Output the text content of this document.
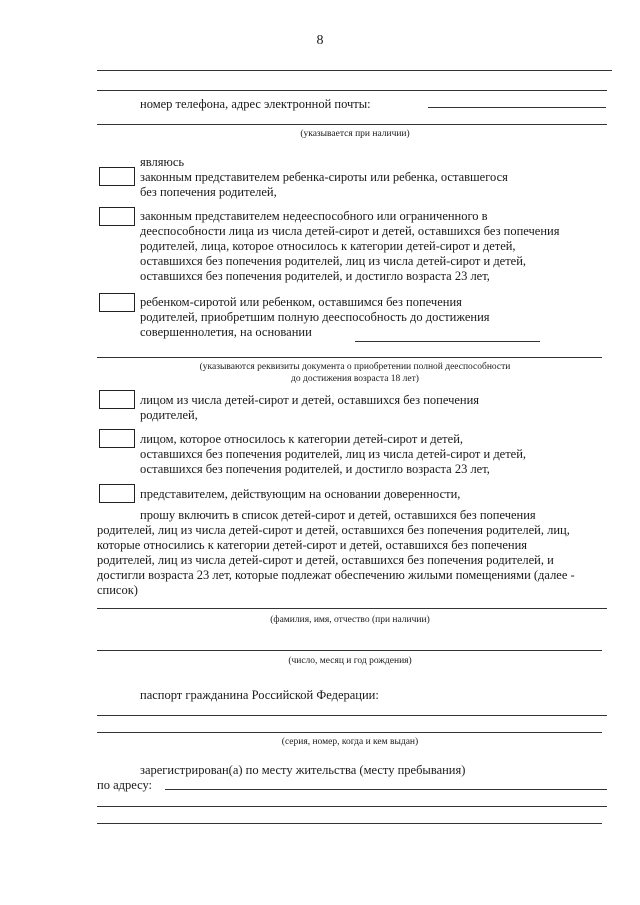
8
номер телефона, адрес электронной почты:
(указывается при наличии)
являюсь
законным представителем ребенка-сироты или ребенка, оставшегося
без попечения родителей,
законным представителем недееспособного или ограниченного в
дееспособности лица из числа детей-сирот и детей, оставшихся без попечения
родителей, лица, которое относилось к категории детей-сирот и детей,
оставшихся без попечения родителей, лиц из числа детей-сирот и детей,
оставшихся без попечения родителей, и достигло возраста 23 лет,
ребенком-сиротой или ребенком, оставшимся без попечения
родителей, приобретшим полную дееспособность до достижения
совершеннолетия, на основании
(указываются реквизиты документа о приобретении полной дееспособности
до достижения возраста 18 лет)
лицом из числа детей-сирот и детей, оставшихся без попечения
родителей,
лицом, которое относилось к категории детей-сирот и детей,
оставшихся без попечения родителей, лиц из числа детей-сирот и детей,
оставшихся без попечения родителей, и достигло возраста 23 лет,
представителем, действующим на основании доверенности,
прошу включить в список детей-сирот и детей, оставшихся без попечения
родителей, лиц из числа детей-сирот и детей, оставшихся без попечения родителей, лиц,
которые относились к категории детей-сирот и детей, оставшихся без попечения
родителей, лиц из числа детей-сирот и детей, оставшихся без попечения родителей, и
достигли возраста 23 лет, которые подлежат обеспечению жилыми помещениями (далее -
список)
(фамилия, имя, отчество (при наличии)
(число, месяц и год рождения)
паспорт гражданина Российской Федерации:
(серия, номер, когда и кем выдан)
зарегистрирован(а) по месту жительства (месту пребывания)
по адресу:
